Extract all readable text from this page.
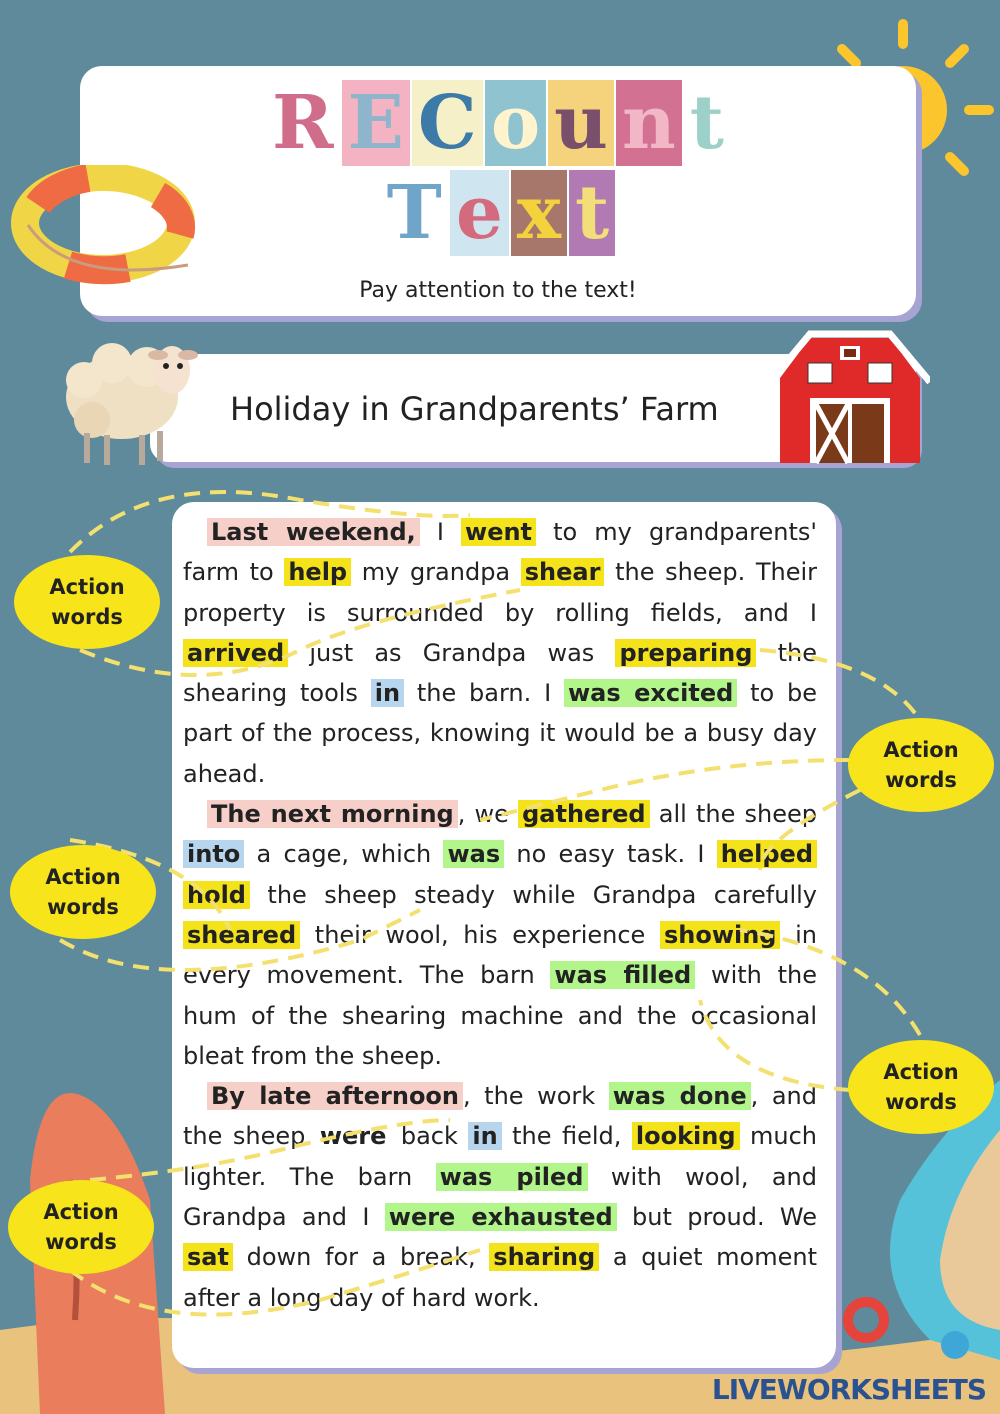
R E C o u n t
T e x t
Pay attention to the text!
Holiday in Grandparents’ Farm

Last weekend, I went to my grandparents' farm to help my grandpa shear the sheep. Their property is surrounded by rolling fields, and I arrived just as Grandpa was preparing the shearing tools in the barn. I was excited to be part of the process, knowing it would be a busy day ahead.

The next morning , we gathered all the sheep into a cage, which was no easy task. I helped hold the sheep steady while Grandpa carefully sheared their wool, his experience showing in every movement. The barn was filled with the hum of the shearing machine and the occasional bleat from the sheep.

By late afternoon , the work was done , and the sheep were back in the field, looking much lighter. The barn was piled with wool, and Grandpa and I were exhausted but proud. We sat down for a break, sharing a quiet moment after a long day of hard work.

Action
words
Action
words
Action
words
Action
words
Action
words
LIVEWORKSHEETS
